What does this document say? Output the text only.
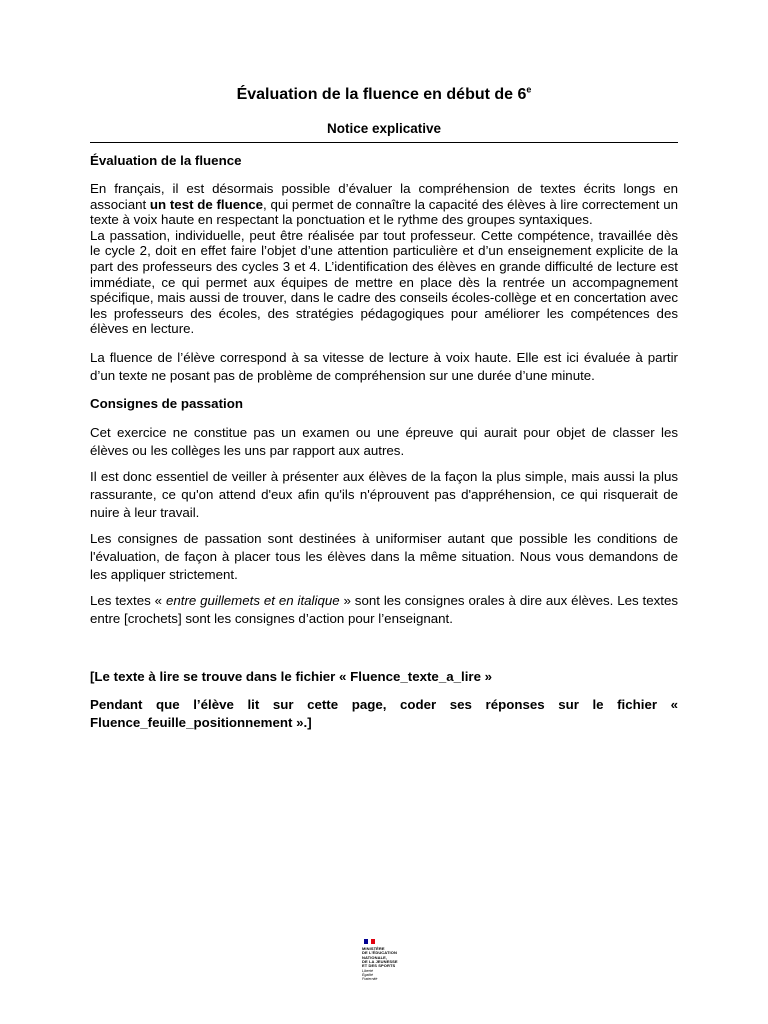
Évaluation de la fluence en début de 6e
Notice explicative

Évaluation de la fluence

En français, il est désormais possible d’évaluer la compréhension de textes écrits longs en associant un test de fluence, qui permet de connaître la capacité des élèves à lire correctement un texte à voix haute en respectant la ponctuation et le rythme des groupes syntaxiques.

La passation, individuelle, peut être réalisée par tout professeur. Cette compétence, travaillée dès le cycle 2, doit en effet faire l’objet d’une attention particulière et d’un enseignement explicite de la part des professeurs des cycles 3 et 4. L’identification des élèves en grande difficulté de lecture est immédiate, ce qui permet aux équipes de mettre en place dès la rentrée un accompagnement spécifique, mais aussi de trouver, dans le cadre des conseils écoles-collège et en concertation avec les professeurs des écoles, des stratégies pédagogiques pour améliorer les compétences des élèves en lecture.

La fluence de l’élève correspond à sa vitesse de lecture à voix haute. Elle est ici évaluée à partir d’un texte ne posant pas de problème de compréhension sur une durée d’une minute.

Consignes de passation

Cet exercice ne constitue pas un examen ou une épreuve qui aurait pour objet de classer les élèves ou les collèges les uns par rapport aux autres.

Il est donc essentiel de veiller à présenter aux élèves de la façon la plus simple, mais aussi la plus rassurante, ce qu'on attend d'eux afin qu'ils n'éprouvent pas d'appréhension, ce qui risquerait de nuire à leur travail.

Les consignes de passation sont destinées à uniformiser autant que possible les conditions de l'évaluation, de façon à placer tous les élèves dans la même situation. Nous vous demandons de les appliquer strictement.

Les textes « entre guillemets et en italique » sont les consignes orales à dire aux élèves. Les textes entre [crochets] sont les consignes d’action pour l’enseignant.

[Le texte à lire se trouve dans le fichier « Fluence_texte_a_lire »

Pendant que l’élève lit sur cette page, coder ses réponses sur le fichier « Fluence_feuille_positionnement ».]

MINISTÈRE
DE L'ÉDUCATION
NATIONALE,
DE LA JEUNESSE
ET DES SPORTS
Liberté
Égalité
Fraternité
